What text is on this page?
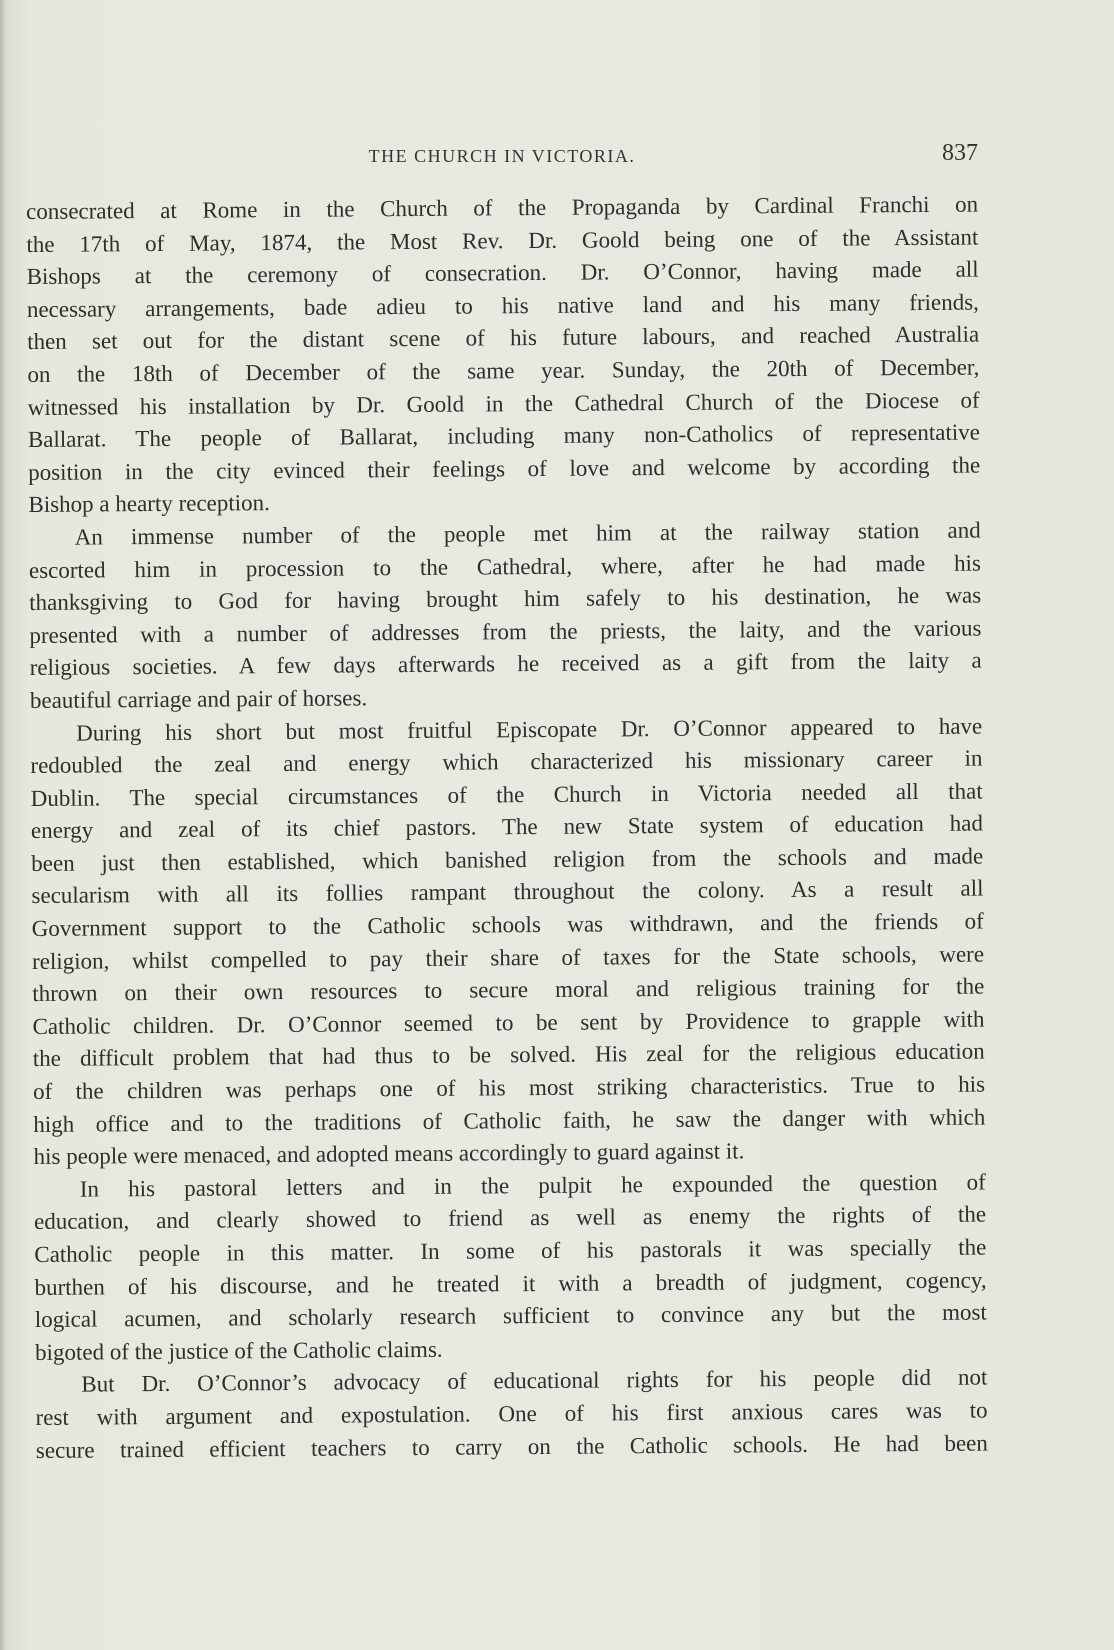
THE CHURCH IN VICTORIA.	837
consecrated at Rome in the Church of the Propaganda by Cardinal Franchi on
the 17th of May, 1874, the Most Rev. Dr. Goold being one of the Assistant
Bishops at the ceremony of consecration. Dr. O’Connor, having made all
necessary arrangements, bade adieu to his native land and his many friends,
then set out for the distant scene of his future labours, and reached Australia
on the 18th of December of the same year. Sunday, the 20th of December,
witnessed his installation by Dr. Goold in the Cathedral Church of the Diocese of
Ballarat. The people of Ballarat, including many non-Catholics of representative
position in the city evinced their feelings of love and welcome by according the
Bishop a hearty reception.
An immense number of the people met him at the railway station and
escorted him in procession to the Cathedral, where, after he had made his
thanksgiving to God for having brought him safely to his destination, he was
presented with a number of addresses from the priests, the laity, and the various
religious societies. A few days afterwards he received as a gift from the laity a
beautiful carriage and pair of horses.
During his short but most fruitful Episcopate Dr. O’Connor appeared to have
redoubled the zeal and energy which characterized his missionary career in
Dublin. The special circumstances of the Church in Victoria needed all that
energy and zeal of its chief pastors. The new State system of education had
been just then established, which banished religion from the schools and made
secularism with all its follies rampant throughout the colony. As a result all
Government support to the Catholic schools was withdrawn, and the friends of
religion, whilst compelled to pay their share of taxes for the State schools, were
thrown on their own resources to secure moral and religious training for the
Catholic children. Dr. O’Connor seemed to be sent by Providence to grapple with
the difficult problem that had thus to be solved. His zeal for the religious education
of the children was perhaps one of his most striking characteristics. True to his
high office and to the traditions of Catholic faith, he saw the danger with which
his people were menaced, and adopted means accordingly to guard against it.
In his pastoral letters and in the pulpit he expounded the question of
education, and clearly showed to friend as well as enemy the rights of the
Catholic people in this matter. In some of his pastorals it was specially the
burthen of his discourse, and he treated it with a breadth of judgment, cogency,
logical acumen, and scholarly research sufficient to convince any but the most
bigoted of the justice of the Catholic claims.
But Dr. O’Connor’s advocacy of educational rights for his people did not
rest with argument and expostulation. One of his first anxious cares was to
secure trained efficient teachers to carry on the Catholic schools. He had been
